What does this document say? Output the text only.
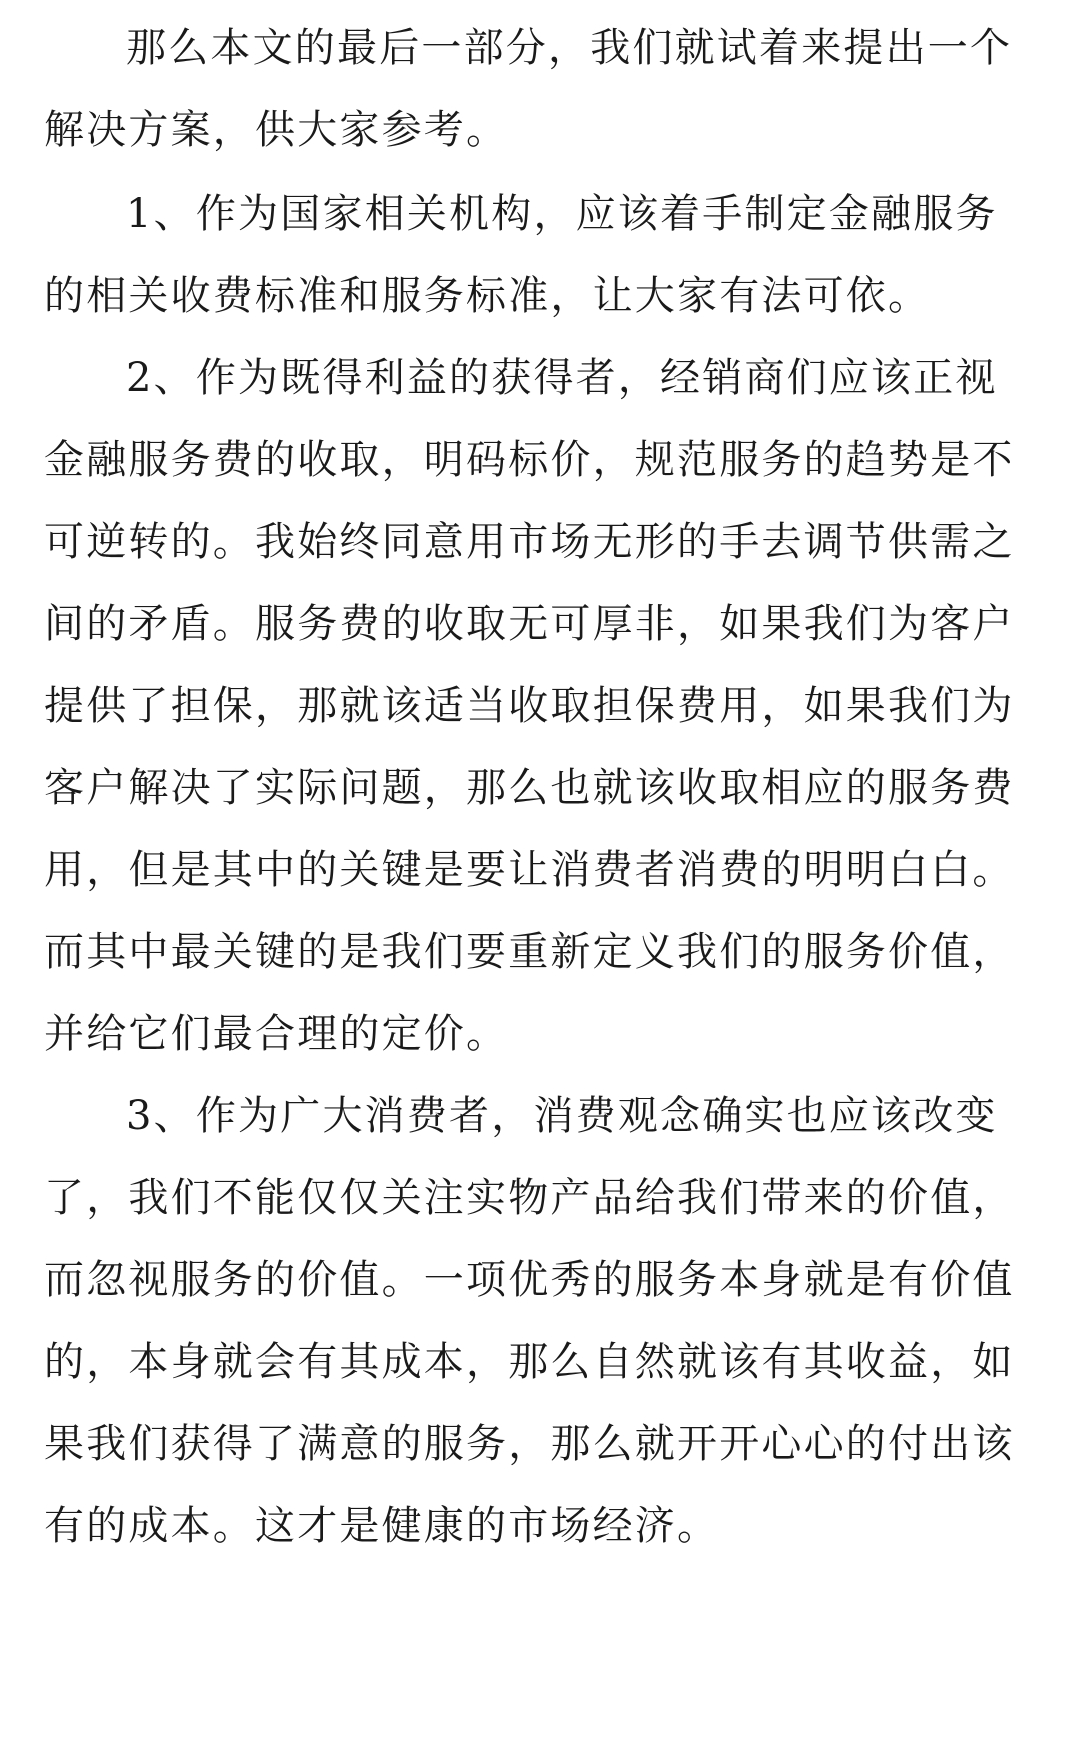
那么本文的最后一部分，我们就试着来提出一个
解决方案，供大家参考。
1、作为国家相关机构，应该着手制定金融服务
的相关收费标准和服务标准，让大家有法可依。
2、作为既得利益的获得者，经销商们应该正视
金融服务费的收取，明码标价，规范服务的趋势是不
可逆转的。我始终同意用市场无形的手去调节供需之
间的矛盾。服务费的收取无可厚非，如果我们为客户
提供了担保，那就该适当收取担保费用，如果我们为
客户解决了实际问题，那么也就该收取相应的服务费
用，但是其中的关键是要让消费者消费的明明白白。
而其中最关键的是我们要重新定义我们的服务价值，
并给它们最合理的定价。
3、作为广大消费者，消费观念确实也应该改变
了，我们不能仅仅关注实物产品给我们带来的价值，
而忽视服务的价值。一项优秀的服务本身就是有价值
的，本身就会有其成本，那么自然就该有其收益，如
果我们获得了满意的服务，那么就开开心心的付出该
有的成本。这才是健康的市场经济。
